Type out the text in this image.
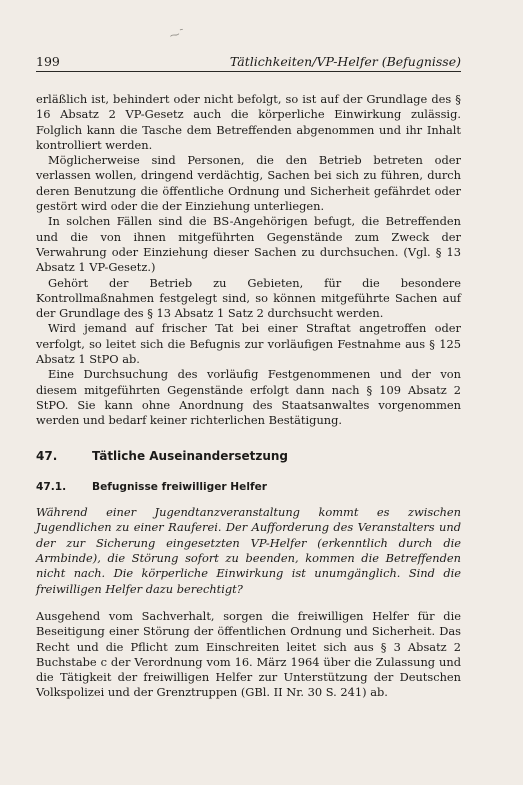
⁓ˉ
199	Tätlichkeiten/VP-Helfer (Befugnisse)

erläßlich ist, behindert oder nicht befolgt, so ist auf der Grundlage des § 16 Absatz 2 VP-Gesetz auch die körperliche Einwirkung zulässig. Folglich kann die Tasche dem Betreffenden abgenommen und ihr Inhalt kontrolliert werden.

Möglicherweise sind Personen, die den Betrieb betreten oder verlassen wollen, dringend verdächtig, Sachen bei sich zu führen, durch deren Benutzung die öffentliche Ordnung und Sicherheit gefährdet oder gestört wird oder die der Einziehung unterliegen.

In solchen Fällen sind die BS-Angehörigen befugt, die Betreffenden und die von ihnen mitgeführten Gegenstände zum Zweck der Verwahrung oder Einziehung dieser Sachen zu durchsuchen. (Vgl. § 13 Absatz 1 VP-Gesetz.)

Gehört der Betrieb zu Gebieten, für die besondere Kontrollmaßnahmen festgelegt sind, so können mitgeführte Sachen auf der Grundlage des § 13 Absatz 1 Satz 2 durchsucht werden.

Wird jemand auf frischer Tat bei einer Straftat angetroffen oder verfolgt, so leitet sich die Befugnis zur vorläufigen Festnahme aus § 125 Absatz 1 StPO ab.

Eine Durchsuchung des vorläufig Festgenommenen und der von diesem mitgeführten Gegenstände erfolgt dann nach § 109 Absatz 2 StPO. Sie kann ohne Anordnung des Staatsanwaltes vorgenommen werden und bedarf keiner richterlichen Bestätigung.

47.	Tätliche Auseinandersetzung
47.1.	Befugnisse freiwilliger Helfer

Während einer Jugendtanzveranstaltung kommt es zwischen Jugendlichen zu einer Rauferei. Der Aufforderung des Veranstalters und der zur Sicherung eingesetzten VP-Helfer (erkenntlich durch die Armbinde), die Störung sofort zu beenden, kommen die Betreffenden nicht nach. Die körperliche Einwirkung ist unumgänglich. Sind die freiwilligen Helfer dazu berechtigt?

Ausgehend vom Sachverhalt, sorgen die freiwilligen Helfer für die Beseitigung einer Störung der öffentlichen Ordnung und Sicherheit. Das Recht und die Pflicht zum Einschreiten leitet sich aus § 3 Absatz 2 Buchstabe c der Verordnung vom 16. März 1964 über die Zulassung und die Tätigkeit der freiwilligen Helfer zur Unterstützung der Deutschen Volkspolizei und der Grenztruppen (GBl. II Nr. 30 S. 241) ab.
